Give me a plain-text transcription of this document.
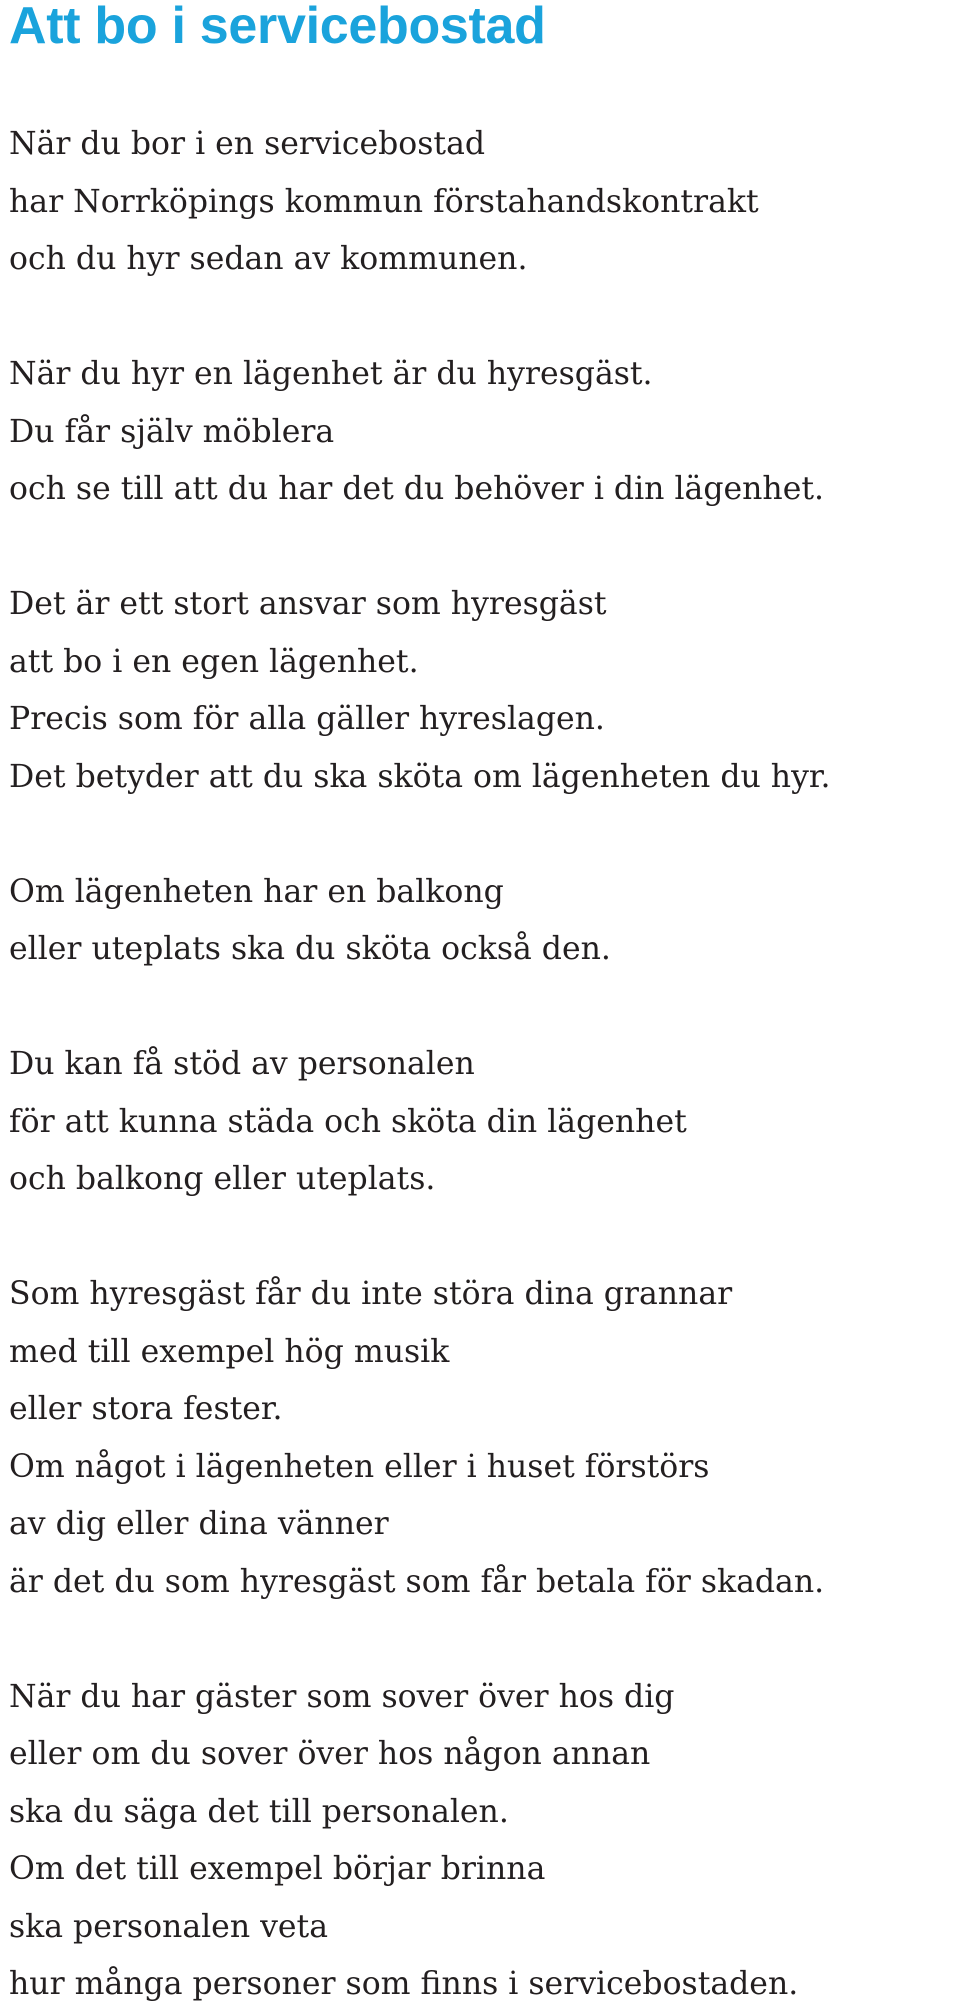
Att bo i servicebostad

När du bor i en servicebostad
har Norrköpings kommun förstahandskontrakt
och du hyr sedan av kommunen.

När du hyr en lägenhet är du hyresgäst.
Du får själv möblera
och se till att du har det du behöver i din lägenhet.

Det är ett stort ansvar som hyresgäst
att bo i en egen lägenhet.
Precis som för alla gäller hyreslagen.
Det betyder att du ska sköta om lägenheten du hyr.

Om lägenheten har en balkong
eller uteplats ska du sköta också den.

Du kan få stöd av personalen
för att kunna städa och sköta din lägenhet
och balkong eller uteplats.

Som hyresgäst får du inte störa dina grannar
med till exempel hög musik
eller stora fester.
Om något i lägenheten eller i huset förstörs
av dig eller dina vänner
är det du som hyresgäst som får betala för skadan.

När du har gäster som sover över hos dig
eller om du sover över hos någon annan
ska du säga det till personalen.
Om det till exempel börjar brinna
ska personalen veta
hur många personer som finns i servicebostaden.
